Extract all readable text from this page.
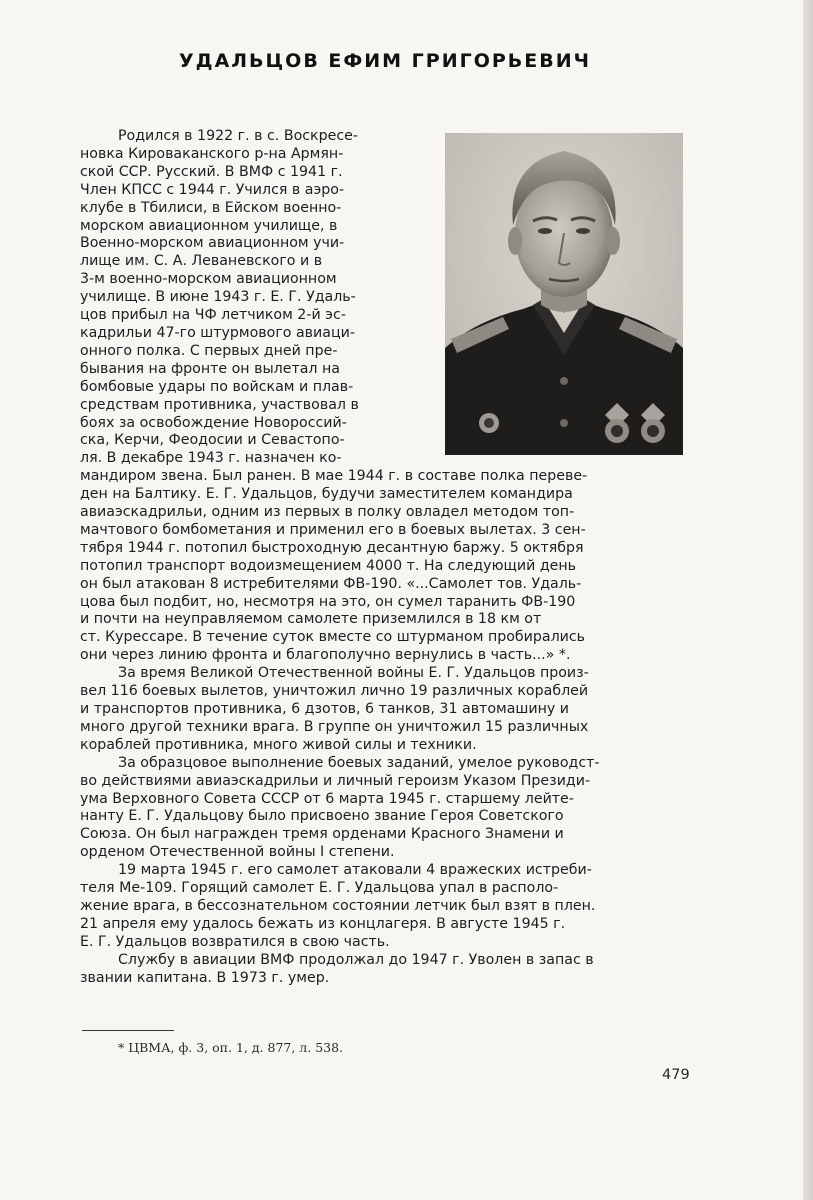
УДАЛЬЦОВ ЕФИМ ГРИГОРЬЕВИЧ
Родился в 1922 г. в с. Воскресе-
новка Кироваканского р-на Армян-
ской ССР. Русский. В ВМФ с 1941 г.
Член КПСС с 1944 г. Учился в аэро-
клубе в Тбилиси, в Ейском военно-
морском авиационном училище, в
Военно-морском авиационном учи-
лище им. С. А. Леваневского и в
3-м военно-морском авиационном
училище. В июне 1943 г. Е. Г. Удаль-
цов прибыл на ЧФ летчиком 2-й эс-
кадрильи 47-го штурмового авиаци-
онного полка. С первых дней пре-
бывания на фронте он вылетал на
бомбовые удары по войскам и плав-
средствам противника, участвовал в
боях за освобождение Новороссий-
ска, Керчи, Феодосии и Севастопо-
ля. В декабре 1943 г. назначен ко-
мандиром звена. Был ранен. В мае 1944 г. в составе полка переве-
ден на Балтику. Е. Г. Удальцов, будучи заместителем командира
авиаэскадрильи, одним из первых в полку овладел методом топ-
мачтового бомбометания и применил его в боевых вылетах. 3 сен-
тября 1944 г. потопил быстроходную десантную баржу. 5 октября
потопил транспорт водоизмещением 4000 т. На следующий день
он был атакован 8 истребителями ФВ-190. «...Самолет тов. Удаль-
цова был подбит, но, несмотря на это, он сумел таранить ФВ-190
и почти на неуправляемом самолете приземлился в 18 км от
ст. Курессаре. В течение суток вместе со штурманом пробирались
они через линию фронта и благополучно вернулись в часть...» *.
За время Великой Отечественной войны Е. Г. Удальцов произ-
вел 116 боевых вылетов, уничтожил лично 19 различных кораблей
и транспортов противника, 6 дзотов, 6 танков, 31 автомашину и
много другой техники врага. В группе он уничтожил 15 различных
кораблей противника, много живой силы и техники.
За образцовое выполнение боевых заданий, умелое руководст-
во действиями авиаэскадрильи и личный героизм Указом Президи-
ума Верховного Совета СССР от 6 марта 1945 г. старшему лейте-
нанту Е. Г. Удальцову было присвоено звание Героя Советского
Союза. Он был награжден тремя орденами Красного Знамени и
орденом Отечественной войны I степени.
19 марта 1945 г. его самолет атаковали 4 вражеских истреби-
теля Ме-109. Горящий самолет Е. Г. Удальцова упал в располо-
жение врага, в бессознательном состоянии летчик был взят в плен.
21 апреля ему удалось бежать из концлагеря. В августе 1945 г.
Е. Г. Удальцов возвратился в свою часть.
Службу в авиации ВМФ продолжал до 1947 г. Уволен в запас в
звании капитана. В 1973 г. умер.
* ЦВМА, ф. 3, оп. 1, д. 877, л. 538.
479
